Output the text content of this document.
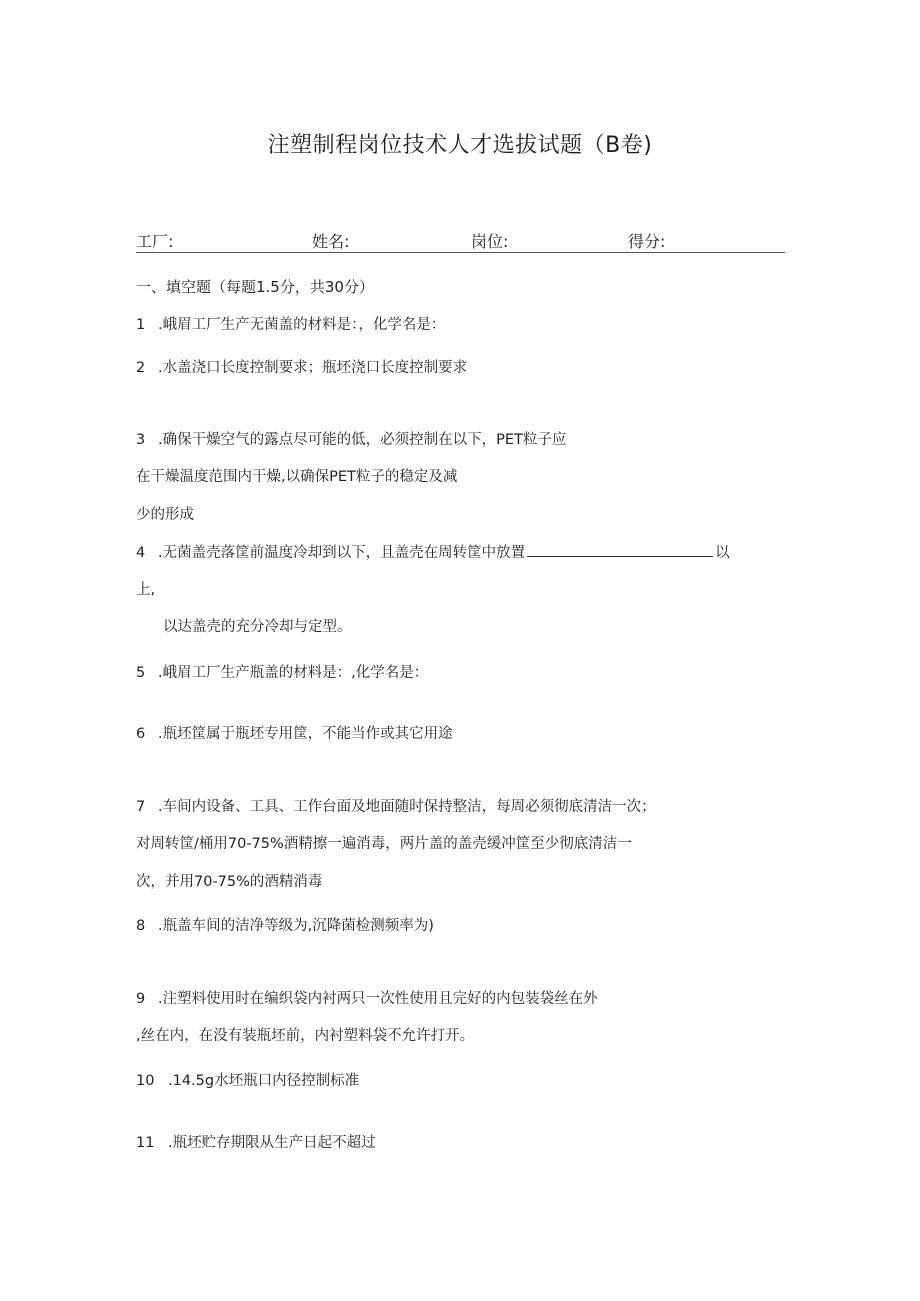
注塑制程岗位技术人才选拔试题（B卷)
工厂:	姓名:	岗位:	得分:
一、填空题（每题1.5分，共30分）
1 .峨眉工厂生产无菌盖的材料是：，化学名是：
2 .水盖浇口长度控制要求；瓶坯浇口长度控制要求
3 .确保干燥空气的露点尽可能的低，必须控制在以下，PET粒子应
在干燥温度范围内干燥,以确保PET粒子的稳定及减
少的形成
4 .无菌盖壳落筐前温度冷却到以下，且盖壳在周转筐中放置	以
上,
以达盖壳的充分冷却与定型。
5 .峨眉工厂生产瓶盖的材料是：,化学名是：
6 .瓶坯筐属于瓶坯专用筐，不能当作或其它用途
7 .车间内设备、工具、工作台面及地面随时保持整洁，每周必须彻底清洁一次；
对周转筐/桶用70-75%酒精擦一遍消毒，两片盖的盖壳缓冲筐至少彻底清洁一
次，并用70-75%的酒精消毒
8 .瓶盖车间的洁净等级为,沉降菌检测频率为)
9 .注塑料使用时在编织袋内衬两只一次性使用且完好的内包装袋丝在外
,丝在内，在没有装瓶坯前，内衬塑料袋不允许打开。
10 .14.5g水坯瓶口内径控制标准
11 .瓶坯贮存期限从生产日起不超过
